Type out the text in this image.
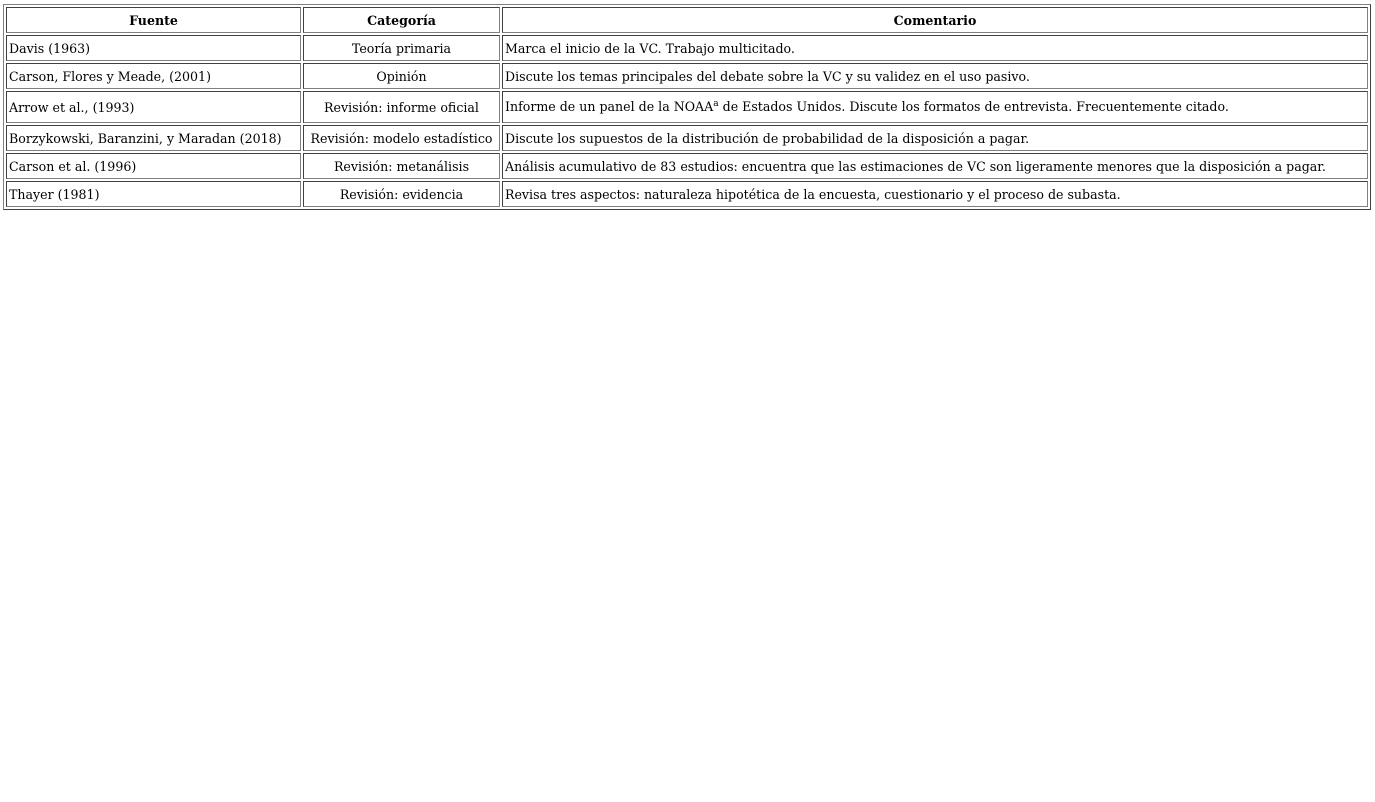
Fuente	Categoría	Comentario
Davis (1963)	Teoría primaria	Marca el inicio de la VC. Trabajo multicitado.
Carson, Flores y Meade, (2001)	Opinión	Discute los temas principales del debate sobre la VC y su validez en el uso pasivo.
Arrow et al., (1993)	Revisión: informe oficial	Informe de un panel de la NOAA$^a$ de Estados Unidos. Discute los formatos de entrevista. Frecuentemente citado.
Borzykowski, Baranzini, y Maradan (2018)	Revisión: modelo estadístico	Discute los supuestos de la distribución de probabilidad de la disposición a pagar.
Carson et al. (1996)	Revisión: metanálisis	Análisis acumulativo de 83 estudios: encuentra que las estimaciones de VC son ligeramente menores que la disposición a pagar.
Thayer (1981)	Revisión: evidencia	Revisa tres aspectos: naturaleza hipotética de la encuesta, cuestionario y el proceso de subasta.
